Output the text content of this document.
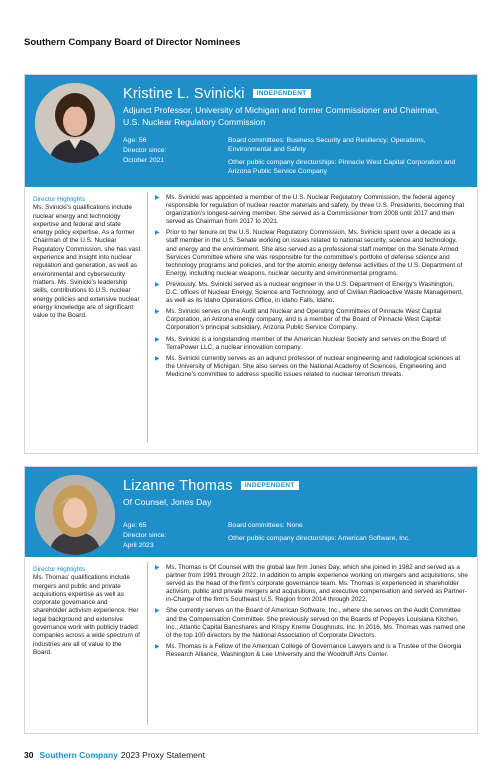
Southern Company Board of Director Nominees
Kristine L. Svinicki INDEPENDENT
Adjunct Professor, University of Michigan and former Commissioner and Chairman, U.S. Nuclear Regulatory Commission
Age: 56
Director since:
October 2021
Board committees: Business Security and Resiliency; Operations, Environmental and Safety
Other public company directorships: Pinnacle West Capital Corporation and Arizona Public Service Company
Director Highlights
Ms. Svinicki’s qualifications include nuclear energy and technology expertise and federal and state energy policy expertise. As a former Chairman of the U.S. Nuclear Regulatory Commission, she has vast experience and insight into nuclear regulation and generation, as well as environmental and cybersecurity matters. Ms. Svinicki’s leadership skills, contributions to U.S. nuclear energy policies and extensive nuclear energy knowledge are of significant value to the Board.
▶ Ms. Svinicki was appointed a member of the U.S. Nuclear Regulatory Commission, the federal agency responsible for regulation of nuclear reactor materials and safety, by three U.S. Presidents, becoming that organization’s longest-serving member. She served as a Commissioner from 2008 until 2017 and then served as Chairman from 2017 to 2021.
▶ Prior to her tenure on the U.S. Nuclear Regulatory Commission, Ms. Svinicki spent over a decade as a staff member in the U.S. Senate working on issues related to national security, science and technology, and energy and the environment. She also served as a professional staff member on the Senate Armed Services Committee where she was responsible for the committee’s portfolio of defense science and technology programs and policies, and for the atomic energy defense activities of the U.S. Department of Energy, including nuclear weapons, nuclear security and environmental programs.
▶ Previously, Ms. Svinicki served as a nuclear engineer in the U.S. Department of Energy’s Washington, D.C. offices of Nuclear Energy, Science and Technology, and of Civilian Radioactive Waste Management, as well as its Idaho Operations Office, in Idaho Falls, Idaho.
▶ Ms. Svinicki serves on the Audit and Nuclear and Operating Committees of Pinnacle West Capital Corporation, an Arizona energy company, and is a member of the Board of Pinnacle West Capital Corporation’s principal subsidiary, Arizona Public Service Company.
▶ Ms. Svinicki is a longstanding member of the American Nuclear Society and serves on the Board of TerraPower LLC, a nuclear innovation company.
▶ Ms. Svinicki currently serves as an adjunct professor of nuclear engineering and radiological sciences at the University of Michigan. She also serves on the National Academy of Sciences, Engineering and Medicine’s committee to address specific issues related to nuclear terrorism threats.
Lizanne Thomas INDEPENDENT
Of Counsel, Jones Day
Age: 65
Director since:
April 2023
Board committees: None
Other public company directorships: American Software, Inc.
Director Highlights
Ms. Thomas’ qualifications include mergers and public and private acquisitions expertise as well as corporate governance and shareholder activism experience. Her legal background and extensive governance work with publicly traded companies across a wide spectrum of industries are all of value to the Board.
▶ Ms. Thomas is Of Counsel with the global law firm Jones Day, which she joined in 1982 and served as a partner from 1991 through 2022. In addition to ample experience working on mergers and acquisitions, she served as the head of the firm’s corporate governance team. Ms. Thomas is experienced in shareholder activism, public and private mergers and acquisitions, and executive compensation and served as Partner-in-Charge of the firm’s Southeast U.S. Region from 2014 through 2022.
▶ She currently serves on the Board of American Software, Inc., where she serves on the Audit Committee and the Compensation Committee. She previously served on the Boards of Popeyes Louisiana Kitchen, Inc., Atlantic Capital Bancshares and Krispy Kreme Doughnuts, Inc. In 2016, Ms. Thomas was named one of the top 100 directors by the National Association of Corporate Directors.
▶ Ms. Thomas is a Fellow of the American College of Governance Lawyers and is a Trustee of the Georgia Research Alliance, Washington & Lee University and the Woodruff Arts Center.
30 Southern Company 2023 Proxy Statement
